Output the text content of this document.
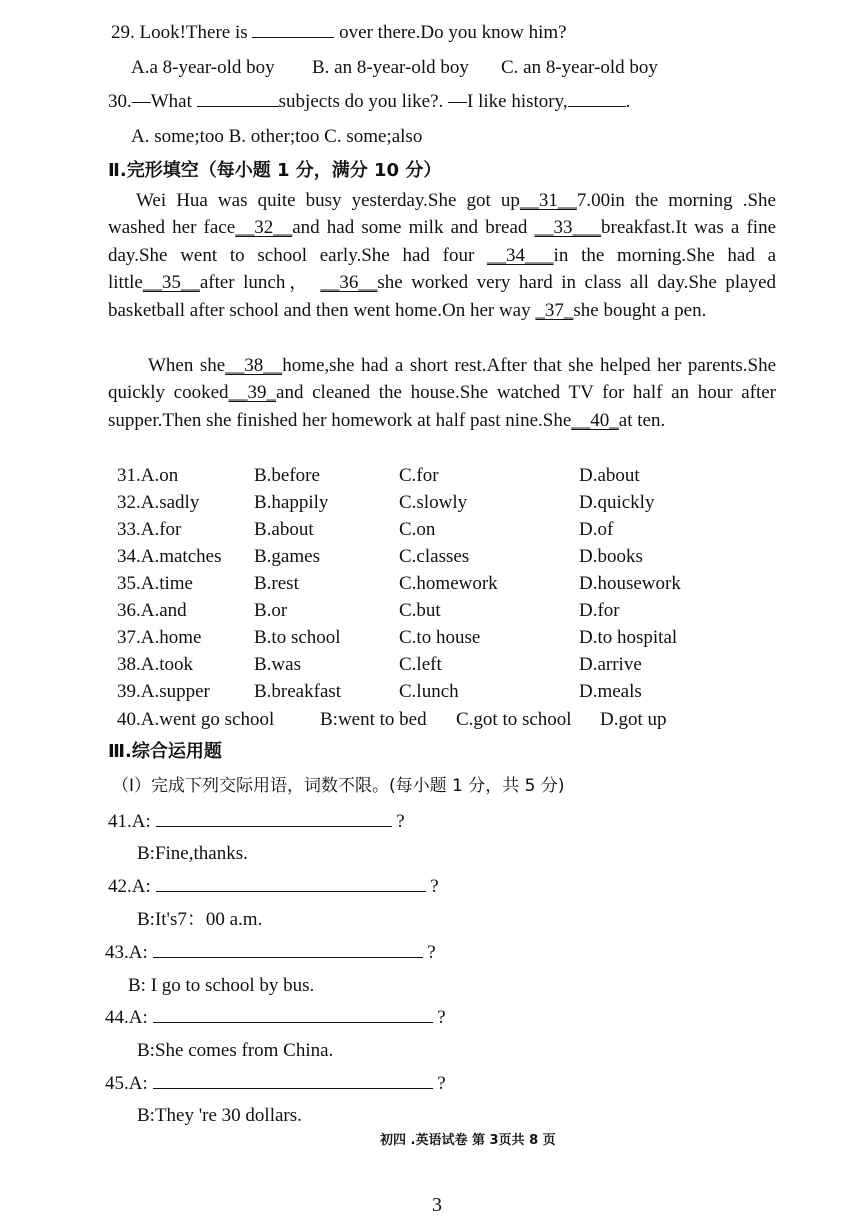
29. Look!There is	over there.Do you know him?
A.a 8-year-old boy B. an 8-year-old boy C. an 8-year-old boy
30.—What	subjects do you like?. —I like history,	.
A. some;too B. other;too C. some;also
Ⅱ.完形填空（每小题 1 分，满分 10 分）
Wei Hua was quite busy yesterday.She got up__31__7.00in the morning .She washed her face__32__and had some milk and bread __33___breakfast.It was a fine day.She went to school early.She had four __34___in the morning.She had a little__35__after lunch， __36__she worked very hard in class all day.She played basketball after school and then went home.On her way _37_she bought a pen.
When she__38__home,she had a short rest.After that she helped her parents.She quickly cooked__39_and cleaned the house.She watched TV for half an hour after supper.Then she finished her homework at half past nine.She__40_at ten.
31.A.on	B.before	C.for	D.about
32.A.sadly	B.happily	C.slowly	D.quickly
33.A.for	B.about	C.on	D.of
34.A.matches B.games	C.classes	D.books
35.A.time	B.rest	C.homework	D.housework
36.A.and	B.or	C.but	D.for
37.A.home	B.to school	C.to house	D.to hospital
38.A.took	B.was	C.left	D.arrive
39.A.supper B.breakfast	C.lunch	D.meals
40.A.went go school B:went to bed C.got to school D.got up
Ⅲ.综合运用题
（I）完成下列交际用语，词数不限。(每小题 1 分，共 5 分)
41.A:	?
B:Fine,thanks.
42.A:	?
B:It's7：00 a.m.
43.A:	?
B: I go to school by bus.
44.A:	?
B:She comes from China.
45.A:	?
B:They 're 30 dollars.
初四 .英语试卷 第 3页共 8 页
3
